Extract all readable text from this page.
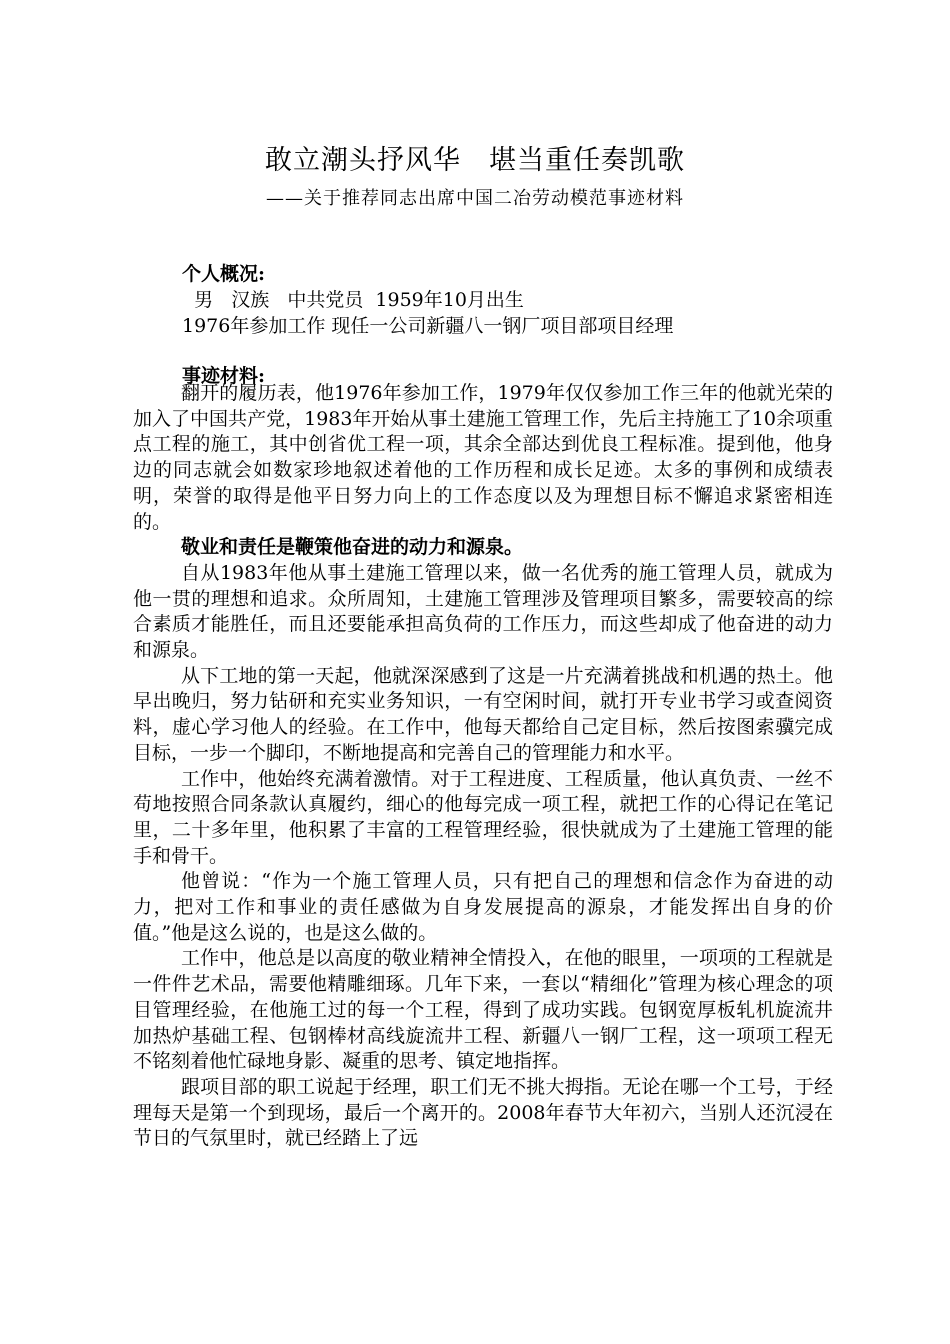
敢立潮头抒风华　堪当重任奏凯歌
——关于推荐同志出席中国二冶劳动模范事迹材料
个人概况:
男   汉族   中共党员  1959年10月出生
1976年参加工作 现任一公司新疆八一钢厂项目部项目经理
事迹材料:

翻开的履历表，他1976年参加工作，1979年仅仅参加工作三年的他就光荣的加入了中国共产党，1983年开始从事土建施工管理工作，先后主持施工了10余项重点工程的施工，其中创省优工程一项，其余全部达到优良工程标准。提到他，他身边的同志就会如数家珍地叙述着他的工作历程和成长足迹。太多的事例和成绩表明，荣誉的取得是他平日努力向上的工作态度以及为理想目标不懈追求紧密相连的。

敬业和责任是鞭策他奋进的动力和源泉。

自从1983年他从事土建施工管理以来，做一名优秀的施工管理人员，就成为他一贯的理想和追求。众所周知，土建施工管理涉及管理项目繁多，需要较高的综合素质才能胜任，而且还要能承担高负荷的工作压力，而这些却成了他奋进的动力和源泉。

从下工地的第一天起，他就深深感到了这是一片充满着挑战和机遇的热土。他早出晚归，努力钻研和充实业务知识，一有空闲时间，就打开专业书学习或查阅资料，虚心学习他人的经验。在工作中，他每天都给自己定目标，然后按图索骥完成目标，一步一个脚印，不断地提高和完善自己的管理能力和水平。

工作中，他始终充满着激情。对于工程进度、工程质量，他认真负责、一丝不苟地按照合同条款认真履约，细心的他每完成一项工程，就把工作的心得记在笔记里，二十多年里，他积累了丰富的工程管理经验，很快就成为了土建施工管理的能手和骨干。

他曾说：“作为一个施工管理人员，只有把自己的理想和信念作为奋进的动力，把对工作和事业的责任感做为自身发展提高的源泉，才能发挥出自身的价值。”他是这么说的，也是这么做的。

工作中，他总是以高度的敬业精神全情投入，在他的眼里，一项项的工程就是一件件艺术品，需要他精雕细琢。几年下来，一套以“精细化”管理为核心理念的项目管理经验，在他施工过的每一个工程，得到了成功实践。包钢宽厚板轧机旋流井加热炉基础工程、包钢棒材高线旋流井工程、新疆八一钢厂工程，这一项项工程无不铭刻着他忙碌地身影、凝重的思考、镇定地指挥。

跟项目部的职工说起于经理，职工们无不挑大拇指。无论在哪一个工号，于经理每天是第一个到现场，最后一个离开的。2008年春节大年初六，当别人还沉浸在节日的气氛里时，就已经踏上了远
